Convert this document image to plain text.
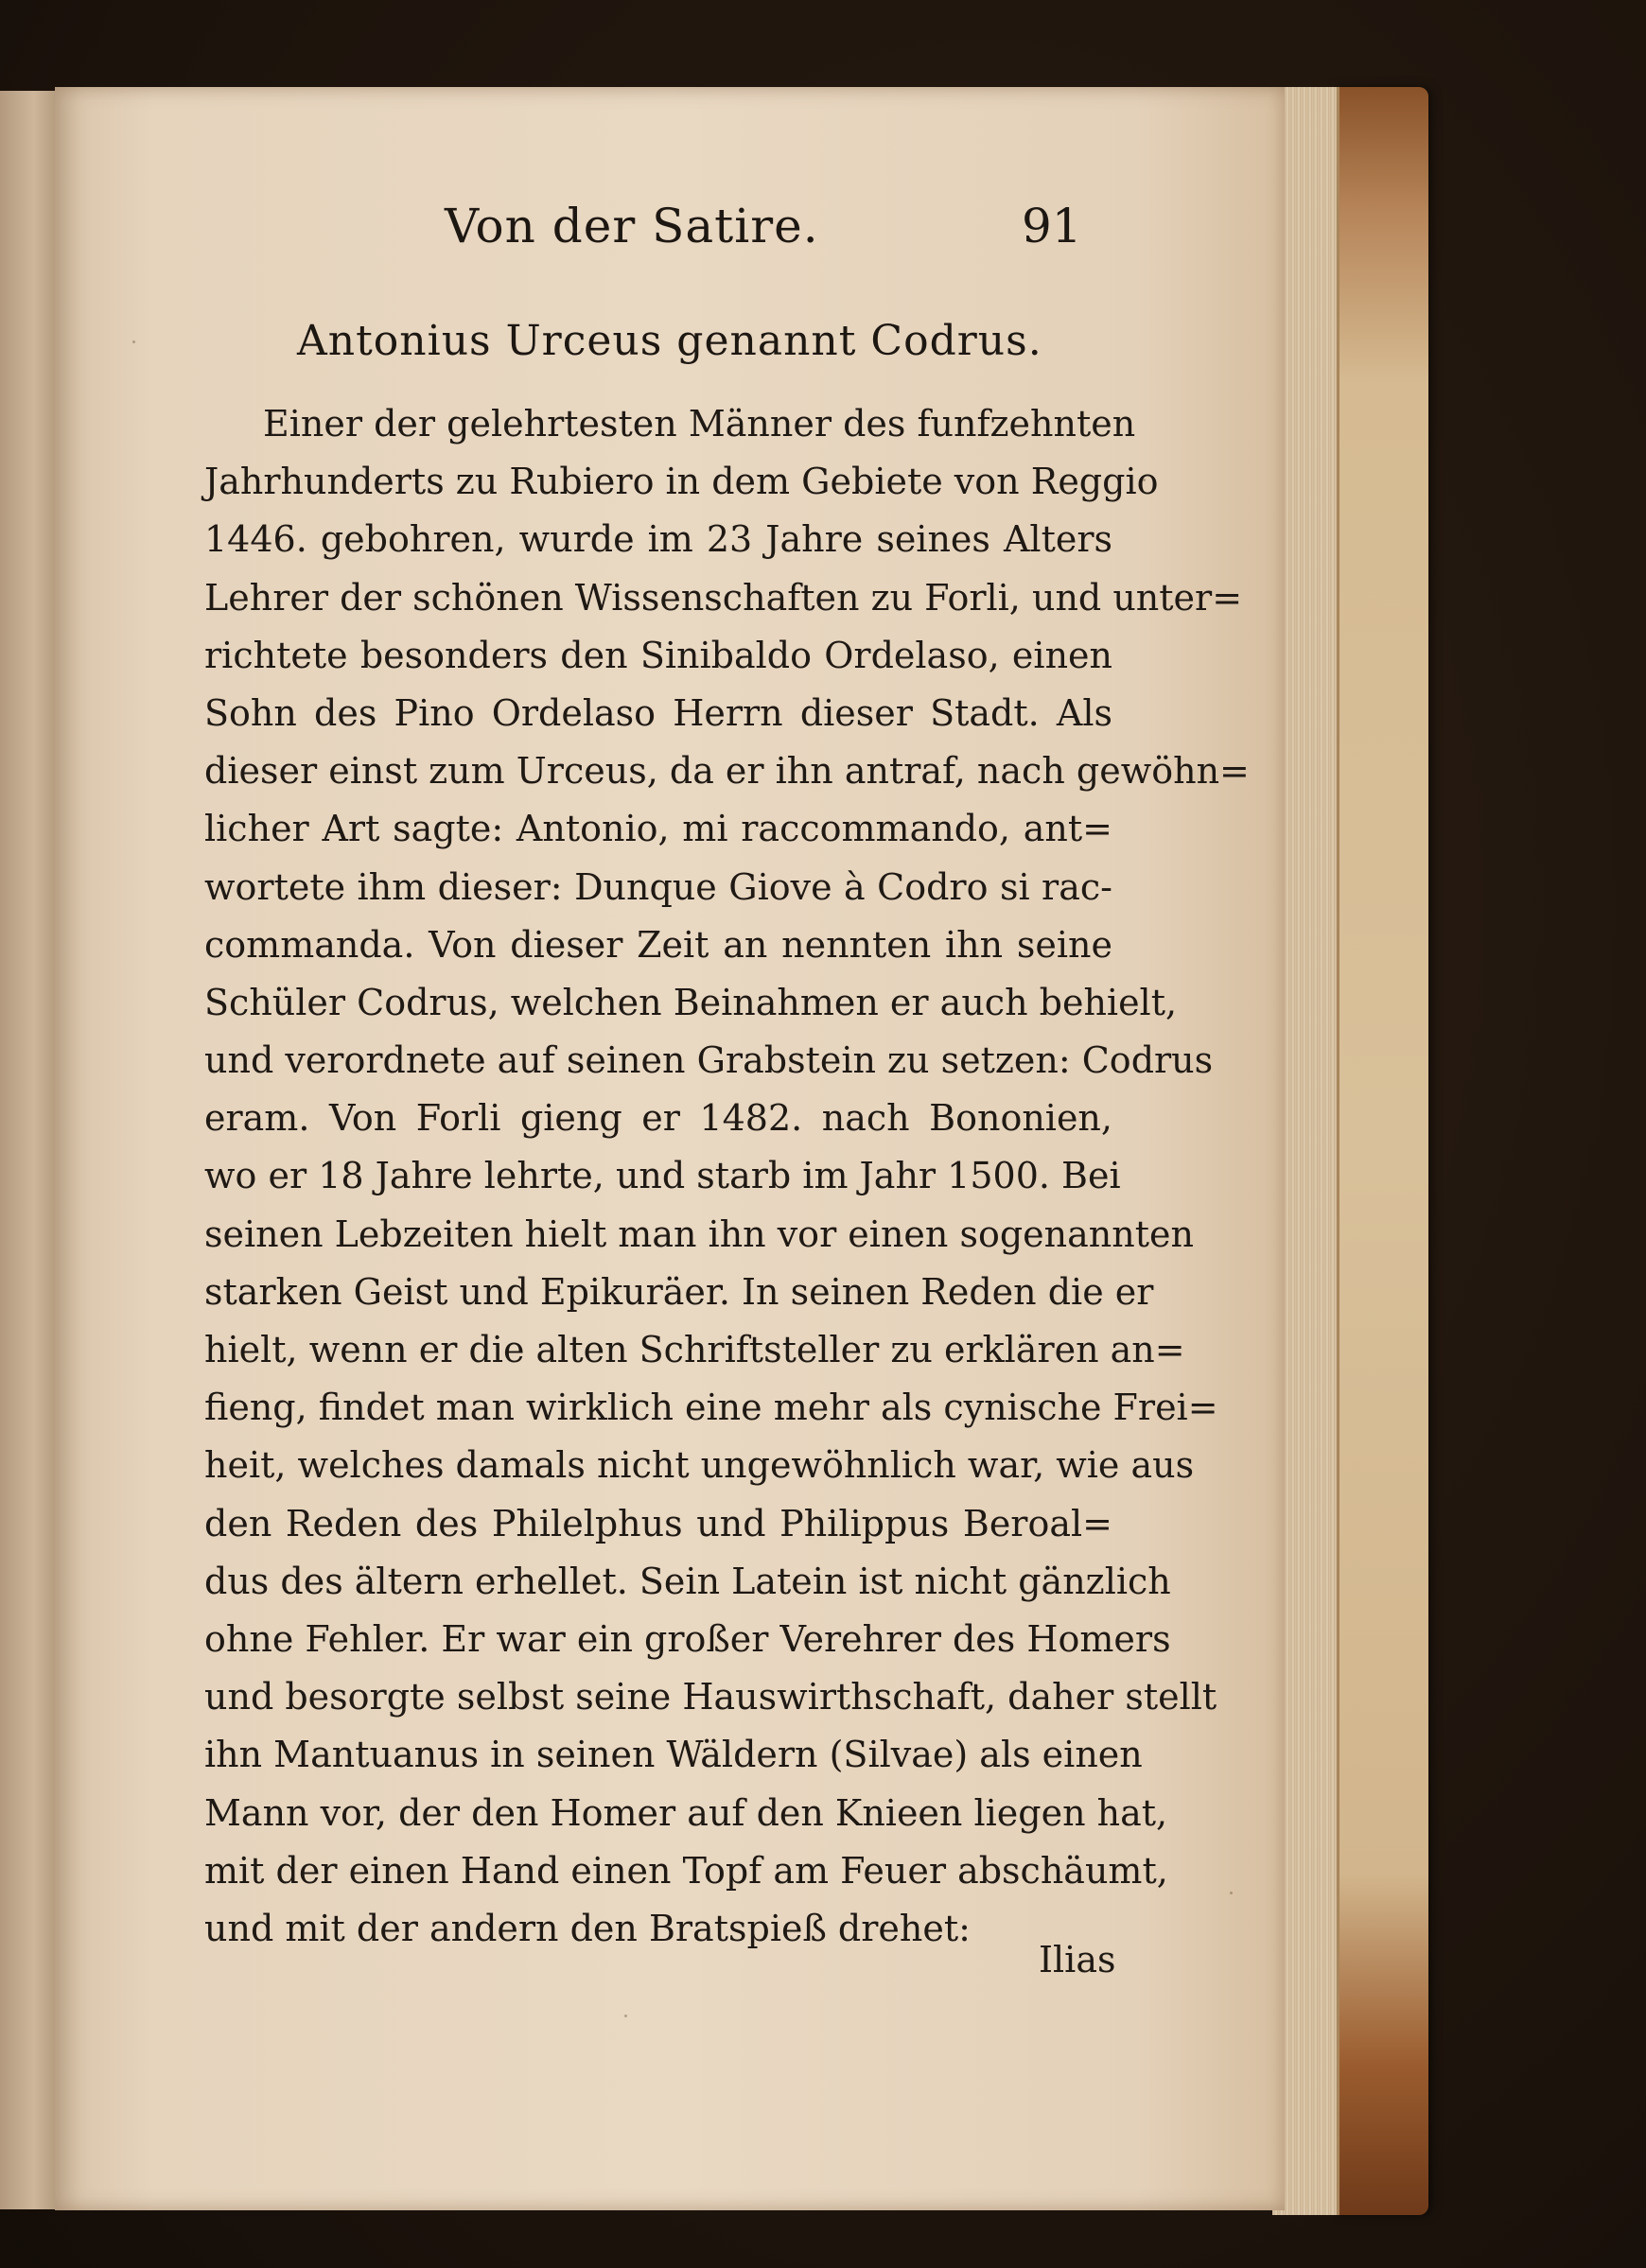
Von der Satire.	91
Antonius Urceus genannt Codrus.
Einer der gelehrtesten Männer des funfzehnten
Jahrhunderts zu Rubiero in dem Gebiete von Reggio
1446. gebohren, wurde im 23 Jahre seines Alters
Lehrer der schönen Wissenschaften zu Forli, und unter=
richtete besonders den Sinibaldo Ordelaso, einen
Sohn des Pino Ordelaso Herrn dieser Stadt. Als
dieser einst zum Urceus, da er ihn antraf, nach gewöhn=
licher Art sagte: Antonio, mi raccommando, ant=
wortete ihm dieser: Dunque Giove à Codro si rac-
commanda. Von dieser Zeit an nennten ihn seine
Schüler Codrus, welchen Beinahmen er auch behielt,
und verordnete auf seinen Grabstein zu setzen: Codrus
eram. Von Forli gieng er 1482. nach Bononien,
wo er 18 Jahre lehrte, und starb im Jahr 1500. Bei
seinen Lebzeiten hielt man ihn vor einen sogenannten
starken Geist und Epikuräer. In seinen Reden die er
hielt, wenn er die alten Schriftsteller zu erklären an=
fieng, findet man wirklich eine mehr als cynische Frei=
heit, welches damals nicht ungewöhnlich war, wie aus
den Reden des Philelphus und Philippus Beroal=
dus des ältern erhellet. Sein Latein ist nicht gänzlich
ohne Fehler. Er war ein großer Verehrer des Homers
und besorgte selbst seine Hauswirthschaft, daher stellt
ihn Mantuanus in seinen Wäldern (Silvae) als einen
Mann vor, der den Homer auf den Knieen liegen hat,
mit der einen Hand einen Topf am Feuer abschäumt,
und mit der andern den Bratspieß drehet:
Ilias
